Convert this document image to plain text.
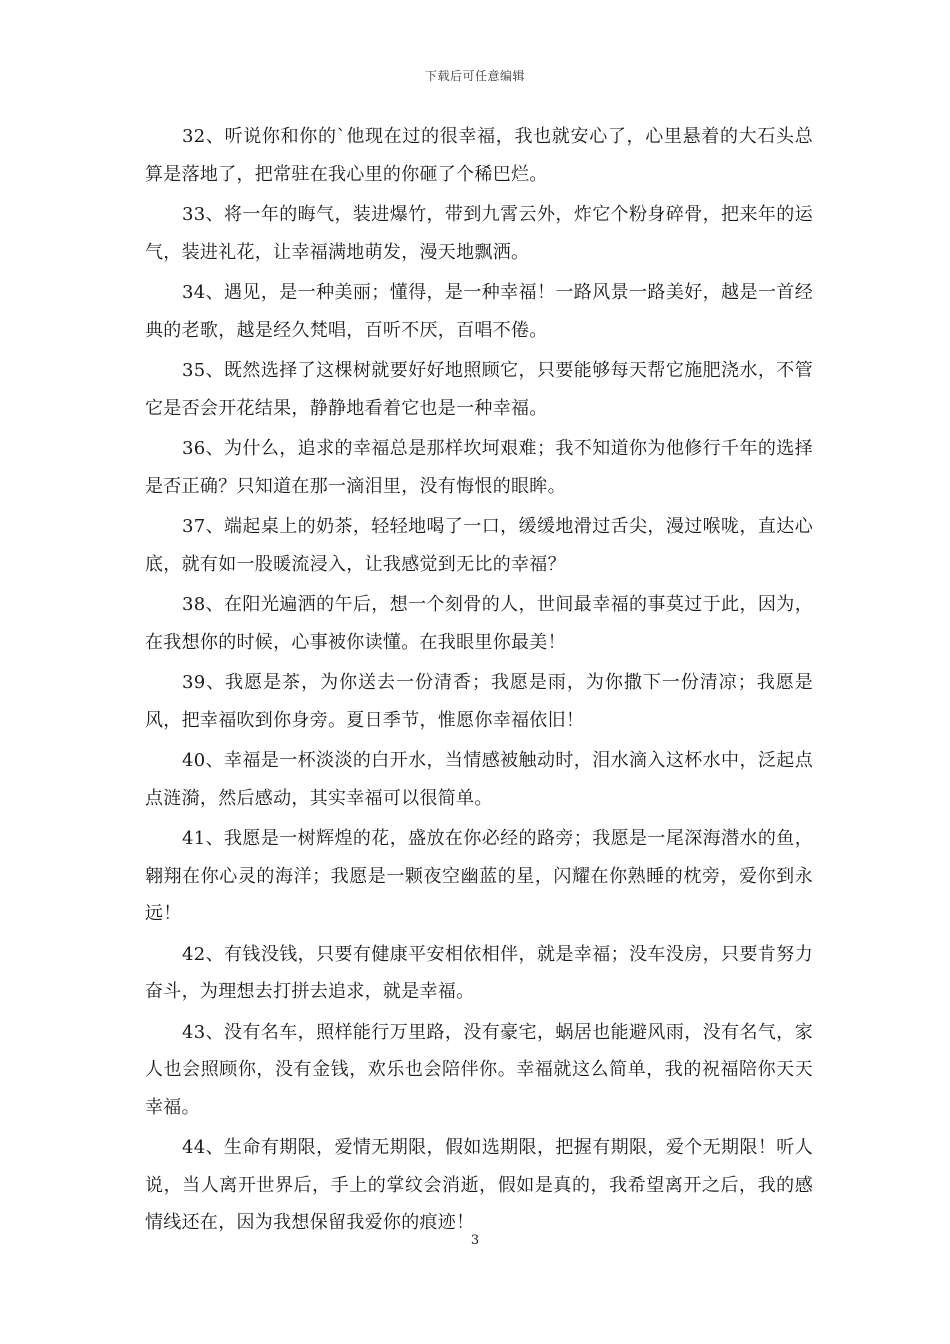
下载后可任意编辑

32、听说你和你的`他现在过的很幸福，我也就安心了，心里悬着的大石头总算是落地了，把常驻在我心里的你砸了个稀巴烂。

33、将一年的晦气，装进爆竹，带到九霄云外，炸它个粉身碎骨，把来年的运气，装进礼花，让幸福满地萌发，漫天地飘洒。

34、遇见，是一种美丽；懂得，是一种幸福！一路风景一路美好，越是一首经典的老歌，越是经久梵唱，百听不厌，百唱不倦。

35、既然选择了这棵树就要好好地照顾它，只要能够每天帮它施肥浇水，不管它是否会开花结果，静静地看着它也是一种幸福。

36、为什么，追求的幸福总是那样坎坷艰难；我不知道你为他修行千年的选择是否正确？只知道在那一滴泪里，没有悔恨的眼眸。

37、端起桌上的奶茶，轻轻地喝了一口，缓缓地滑过舌尖，漫过喉咙，直达心底，就有如一股暖流浸入，让我感觉到无比的幸福？

38、在阳光遍洒的午后，想一个刻骨的人，世间最幸福的事莫过于此，因为，在我想你的时候，心事被你读懂。在我眼里你最美！

39、我愿是茶，为你送去一份清香；我愿是雨，为你撒下一份清凉；我愿是风，把幸福吹到你身旁。夏日季节，惟愿你幸福依旧！

40、幸福是一杯淡淡的白开水，当情感被触动时，泪水滴入这杯水中，泛起点点涟漪，然后感动，其实幸福可以很简单。

41、我愿是一树辉煌的花，盛放在你必经的路旁；我愿是一尾深海潜水的鱼，翱翔在你心灵的海洋；我愿是一颗夜空幽蓝的星，闪耀在你熟睡的枕旁，爱你到永远！

42、有钱没钱，只要有健康平安相依相伴，就是幸福；没车没房，只要肯努力奋斗，为理想去打拼去追求，就是幸福。

43、没有名车，照样能行万里路，没有豪宅，蜗居也能避风雨，没有名气，家人也会照顾你，没有金钱，欢乐也会陪伴你。幸福就这么简单，我的祝福陪你天天幸福。

44、生命有期限，爱情无期限，假如选期限，把握有期限，爱个无期限！听人说，当人离开世界后，手上的掌纹会消逝，假如是真的，我希望离开之后，我的感情线还在，因为我想保留我爱你的痕迹！

3
